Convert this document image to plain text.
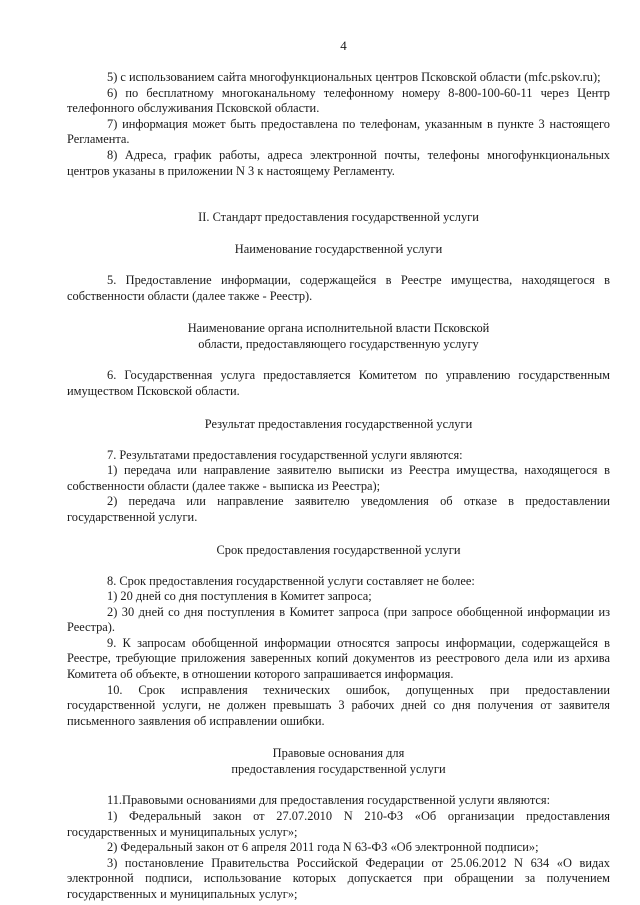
4

5) с использованием сайта многофункциональных центров Псковской области (mfc.pskov.ru);

6) по бесплатному многоканальному телефонному номеру 8-800-100-60-11 через Центр телефонного обслуживания Псковской области.

7) информация может быть предоставлена по телефонам, указанным в пункте 3 настоящего Регламента.

8) Адреса, график работы, адреса электронной почты, телефоны многофункциональных центров указаны в приложении N 3 к настоящему Регламенту.

II. Стандарт предоставления государственной услуги
Наименование государственной услуги

5. Предоставление информации, содержащейся в Реестре имущества, находящегося в собственности области (далее также - Реестр).

Наименование органа исполнительной власти Псковской
области, предоставляющего государственную услугу

6. Государственная услуга предоставляется Комитетом по управлению государственным имуществом Псковской области.

Результат предоставления государственной услуги

7. Результатами предоставления государственной услуги являются:

1) передача или направление заявителю выписки из Реестра имущества, находящегося в собственности области (далее также - выписка из Реестра);

2) передача или направление заявителю уведомления об отказе в предоставлении государственной услуги.

Срок предоставления государственной услуги

8. Срок предоставления государственной услуги составляет не более:

1) 20 дней со дня поступления в Комитет запроса;

2) 30 дней со дня поступления в Комитет запроса (при запросе обобщенной информации из Реестра).

9. К запросам обобщенной информации относятся запросы информации, содержащейся в Реестре, требующие приложения заверенных копий документов из реестрового дела или из архива Комитета об объекте, в отношении которого запрашивается информация.

10. Срок исправления технических ошибок, допущенных при предоставлении государственной услуги, не должен превышать 3 рабочих дней со дня получения от заявителя письменного заявления об исправлении ошибки.

Правовые основания для
предоставления государственной услуги

11.Правовыми основаниями для предоставления государственной услуги являются:

1) Федеральный закон от 27.07.2010 N 210-ФЗ «Об организации предоставления государственных и муниципальных услуг»;

2) Федеральный закон от 6 апреля 2011 года N 63-ФЗ «Об электронной подписи»;

3) постановление Правительства Российской Федерации от 25.06.2012 N 634 «О видах электронной подписи, использование которых допускается при обращении за получением государственных и муниципальных услуг»;
